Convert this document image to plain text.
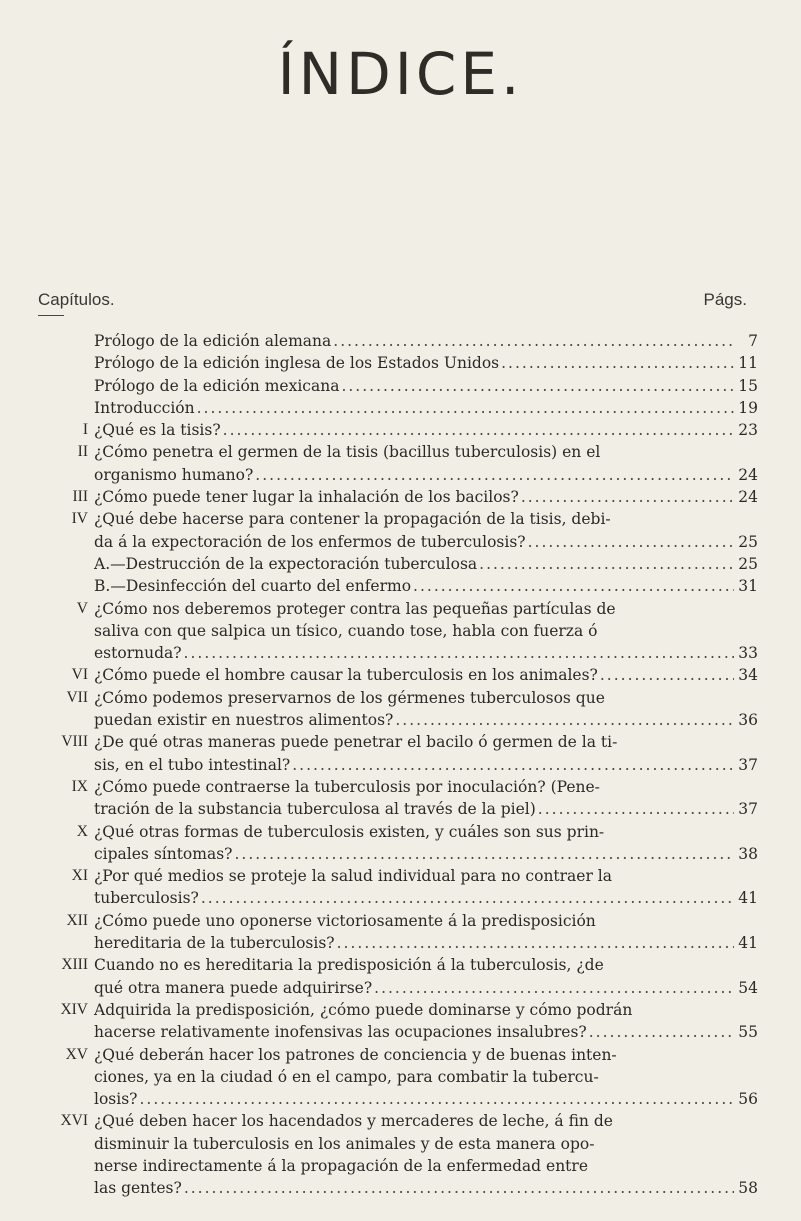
ÍNDICE.
Capítulos.	Págs.
Prólogo de la edición alemana .....	7
Prólogo de la edición inglesa de los Estados Unidos .....	11
Prólogo de la edición mexicana .....	15
Introducción .....	19
I ¿Qué es la tisis? .....	23
II ¿Cómo penetra el germen de la tisis (bacillus tuberculosis) en el
organismo humano? .....	24
III ¿Cómo puede tener lugar la inhalación de los bacilos? .....	24
IV ¿Qué debe hacerse para contener la propagación de la tisis, debi-
da á la expectoración de los enfermos de tuberculosis? .....	25
A.—Destrucción de la expectoración tuberculosa .....	25
B.—Desinfección del cuarto del enfermo .....	31
V ¿Cómo nos deberemos proteger contra las pequeñas partículas de
saliva con que salpica un tísico, cuando tose, habla con fuerza ó
estornuda? .....	33
VI ¿Cómo puede el hombre causar la tuberculosis en los animales? .....	34
VII ¿Cómo podemos preservarnos de los gérmenes tuberculosos que
puedan existir en nuestros alimentos? .....	36
VIII ¿De qué otras maneras puede penetrar el bacilo ó germen de la ti-
sis, en el tubo intestinal? .....	37
IX ¿Cómo puede contraerse la tuberculosis por inoculación? (Pene-
tración de la substancia tuberculosa al través de la piel) .....	37
X ¿Qué otras formas de tuberculosis existen, y cuáles son sus prin-
cipales síntomas? .....	38
XI ¿Por qué medios se proteje la salud individual para no contraer la
tuberculosis? .....	41
XII ¿Cómo puede uno oponerse victoriosamente á la predisposición
hereditaria de la tuberculosis? .....	41
XIII Cuando no es hereditaria la predisposición á la tuberculosis, ¿de
qué otra manera puede adquirirse? .....	54
XIV Adquirida la predisposición, ¿cómo puede dominarse y cómo podrán
hacerse relativamente inofensivas las ocupaciones insalubres? .....	55
XV ¿Qué deberán hacer los patrones de conciencia y de buenas inten-
ciones, ya en la ciudad ó en el campo, para combatir la tubercu-
losis? .....	56
XVI ¿Qué deben hacer los hacendados y mercaderes de leche, á fin de
disminuir la tuberculosis en los animales y de esta manera opo-
nerse indirectamente á la propagación de la enfermedad entre
las gentes? .....	58
